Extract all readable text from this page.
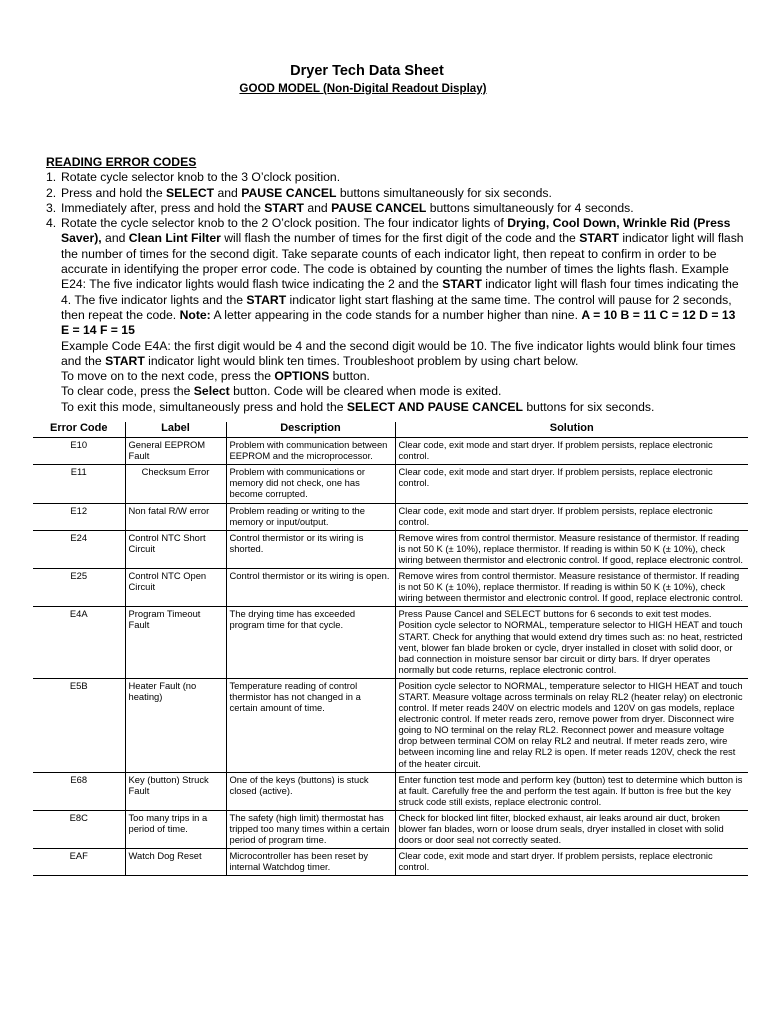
Dryer Tech Data Sheet
GOOD MODEL (Non-Digital Readout Display)
READING ERROR CODES
1. Rotate cycle selector knob to the 3 O’clock position.
2. Press and hold the SELECT and PAUSE CANCEL buttons simultaneously for six seconds.
3. Immediately after, press and hold the START and PAUSE CANCEL buttons simultaneously for 4 seconds.
4. Rotate the cycle selector knob to the 2 O’clock position. The four indicator lights of Drying, Cool Down, Wrinkle Rid (Press Saver), and Clean Lint Filter will flash the number of times for the first digit of the code and the START indicator light will flash the number of times for the second digit. Take separate counts of each indicator light, then repeat to confirm in order to be accurate in identifying the proper error code. The code is obtained by counting the number of times the lights flash. Example E24: The five indicator lights would flash twice indicating the 2 and the START indicator light will flash four times indicating the 4. The five indicator lights and the START indicator light start flashing at the same time. The control will pause for 2 seconds, then repeat the code. Note: A letter appearing in the code stands for a number higher than nine. A = 10 B = 11 C = 12 D = 13 E = 14 F = 15
Example Code E4A: the first digit would be 4 and the second digit would be 10. The five indicator lights would blink four times and the START indicator light would blink ten times. Troubleshoot problem by using chart below.
To move on to the next code, press the OPTIONS button.
To clear code, press the Select button. Code will be cleared when mode is exited.
To exit this mode, simultaneously press and hold the SELECT AND PAUSE CANCEL buttons for six seconds.
Error Code	Label	Description	Solution
E10	General EEPROM Fault	Problem with communication between EEPROM and the microprocessor.	Clear code, exit mode and start dryer. If problem persists, replace electronic control.
E11	Checksum Error	Problem with communications or memory did not check, one has become corrupted.	Clear code, exit mode and start dryer. If problem persists, replace electronic control.
E12	Non fatal R/W error	Problem reading or writing to the memory or input/output.	Clear code, exit mode and start dryer. If problem persists, replace electronic control.
E24	Control NTC Short Circuit	Control thermistor or its wiring is shorted.	Remove wires from control thermistor. Measure resistance of thermistor. If reading is not 50 K (± 10%), replace thermistor. If reading is within 50 K (± 10%), check wiring between thermistor and electronic control. If good, replace electronic control.
E25	Control NTC Open Circuit	Control thermistor or its wiring is open.	Remove wires from control thermistor. Measure resistance of thermistor. If reading is not 50 K (± 10%), replace thermistor. If reading is within 50 K (± 10%), check wiring between thermistor and electronic control. If good, replace electronic control.
E4A	Program Timeout Fault	The drying time has exceeded program time for that cycle.	Press Pause Cancel and SELECT buttons for 6 seconds to exit test modes. Position cycle selector to NORMAL, temperature selector to HIGH HEAT and touch START. Check for anything that would extend dry times such as: no heat, restricted vent, blower fan blade broken or cycle, dryer installed in closet with solid door, or bad connection in moisture sensor bar circuit or dirty bars. If dryer operates normally but code returns, replace electronic control.
E5B	Heater Fault (no heating)	Temperature reading of control thermistor has not changed in a certain amount of time.	Position cycle selector to NORMAL, temperature selector to HIGH HEAT and touch START. Measure voltage across terminals on relay RL2 (heater relay) on electronic control. If meter reads 240V on electric models and 120V on gas models, replace electronic control. If meter reads zero, remove power from dryer. Disconnect wire going to NO terminal on the relay RL2. Reconnect power and measure voltage drop between terminal COM on relay RL2 and neutral. If meter reads zero, wire between incoming line and relay RL2 is open. If meter reads 120V, check the rest of the heater circuit.
E68	Key (button) Struck Fault	One of the keys (buttons) is stuck closed (active).	Enter function test mode and perform key (button) test to determine which button is at fault. Carefully free the and perform the test again. If button is free but the key struck code still exists, replace electronic control.
E8C	Too many trips in a period of time.	The safety (high limit) thermostat has tripped too many times within a certain period of program time.	Check for blocked lint filter, blocked exhaust, air leaks around air duct, broken blower fan blades, worn or loose drum seals, dryer installed in closet with solid doors or door seal not correctly seated.
EAF	Watch Dog Reset	Microcontroller has been reset by internal Watchdog timer.	Clear code, exit mode and start dryer. If problem persists, replace electronic control.
